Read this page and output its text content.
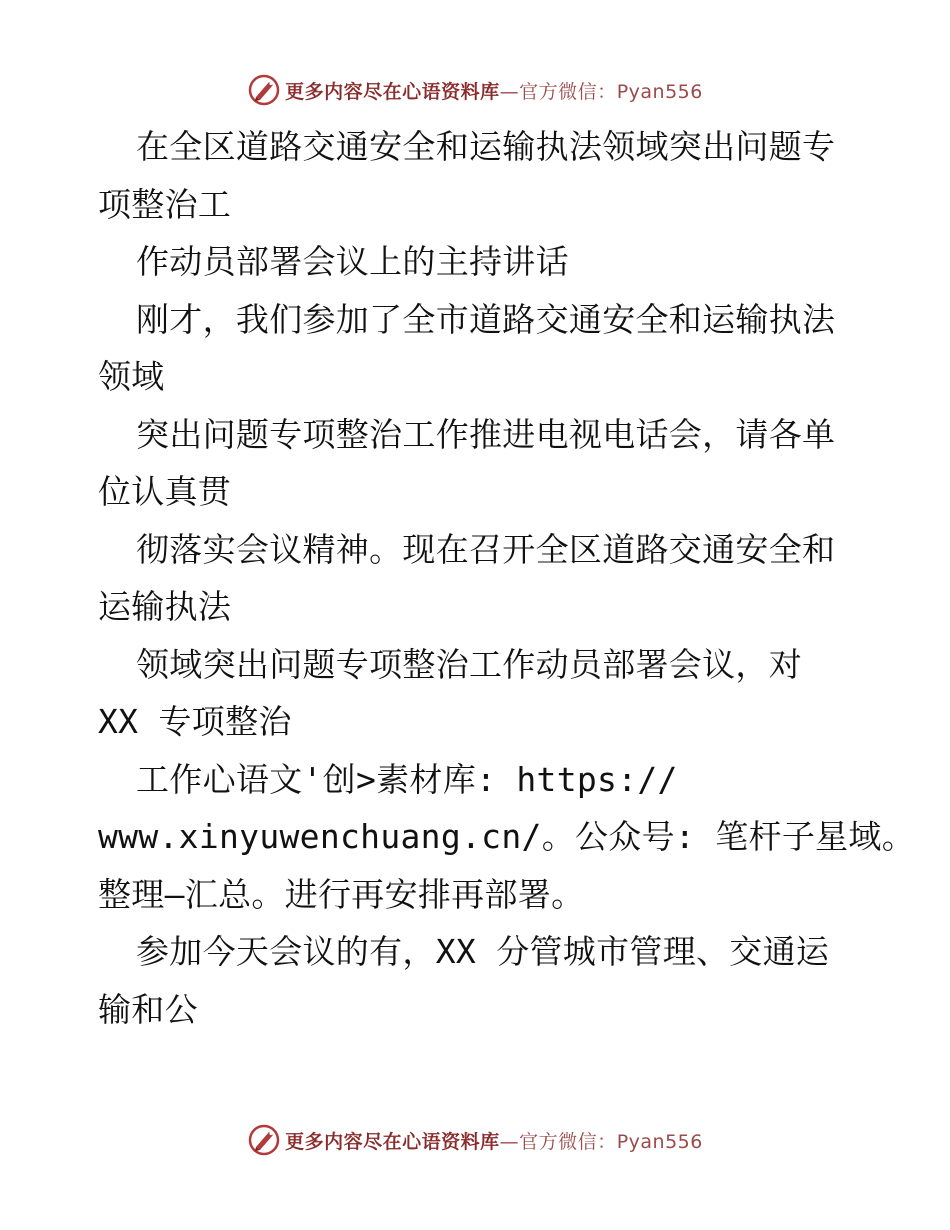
更多内容尽在心语资料库—官方微信：Pyan556
在全区道路交通安全和运输执法领域突出问题专
项整治工
作动员部署会议上的主持讲话
刚才，我们参加了全市道路交通安全和运输执法
领域
突出问题专项整治工作推进电视电话会，请各单
位认真贯
彻落实会议精神。现在召开全区道路交通安全和
运输执法
领域突出问题专项整治工作动员部署会议，对
XX 专项整治
工作心语文'创>素材库: https://
www.xinyuwenchuang.cn/。公众号: 笔杆子星域。
整理—汇总。进行再安排再部署。
参加今天会议的有，XX 分管城市管理、交通运
输和公
更多内容尽在心语资料库—官方微信：Pyan556
